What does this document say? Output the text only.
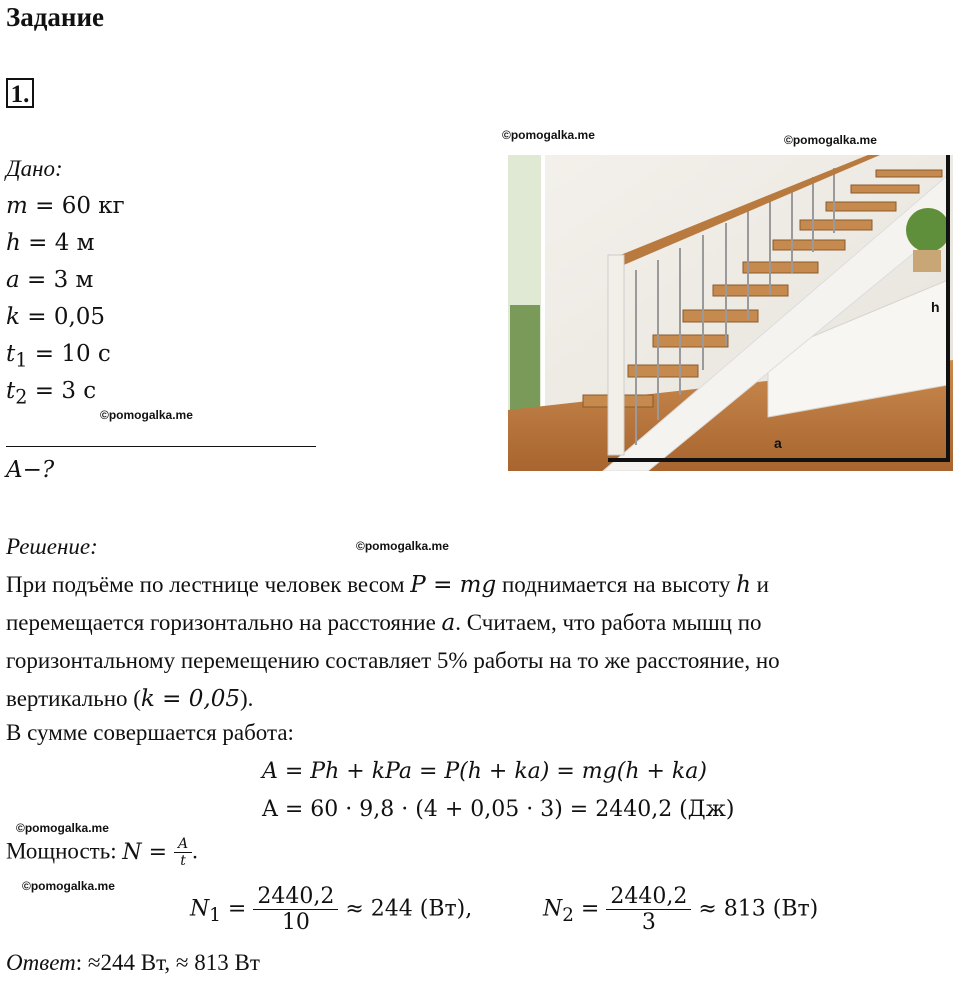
Задание
1.
©pomogalka.me	©pomogalka.me
Дано:
m = 60 кг
h = 4 м
a = 3 м
k = 0,05
$t_1 = 10$ с
$t_2 = 3$ с
©pomogalka.me
A−?
h
a
Решение:	©pomogalka.me
При подъёме по лестнице человек весом P = mg поднимается на высоту h и
перемещается горизонтально на расстояние a. Считаем, что работа мышц по
горизонтальному перемещению составляет 5% работы на то же расстояние, но
вертикально (k = 0,05).
В сумме совершается работа:
A = Ph + kPa = P(h + ka) = mg(h + ka)
A = 60 · 9,8 · (4 + 0,05 · 3) = 2440,2 (Дж)
©pomogalka.me
Мощность: $N = \frac{A}{t}$ .
©pomogalka.me
$N_1 = \frac{2440,2}{10} \approx 244$ (Вт),	$N_2 = \frac{2440,2}{3} \approx 813$ (Вт)
Ответ: ≈244 Вт, ≈ 813 Вт
